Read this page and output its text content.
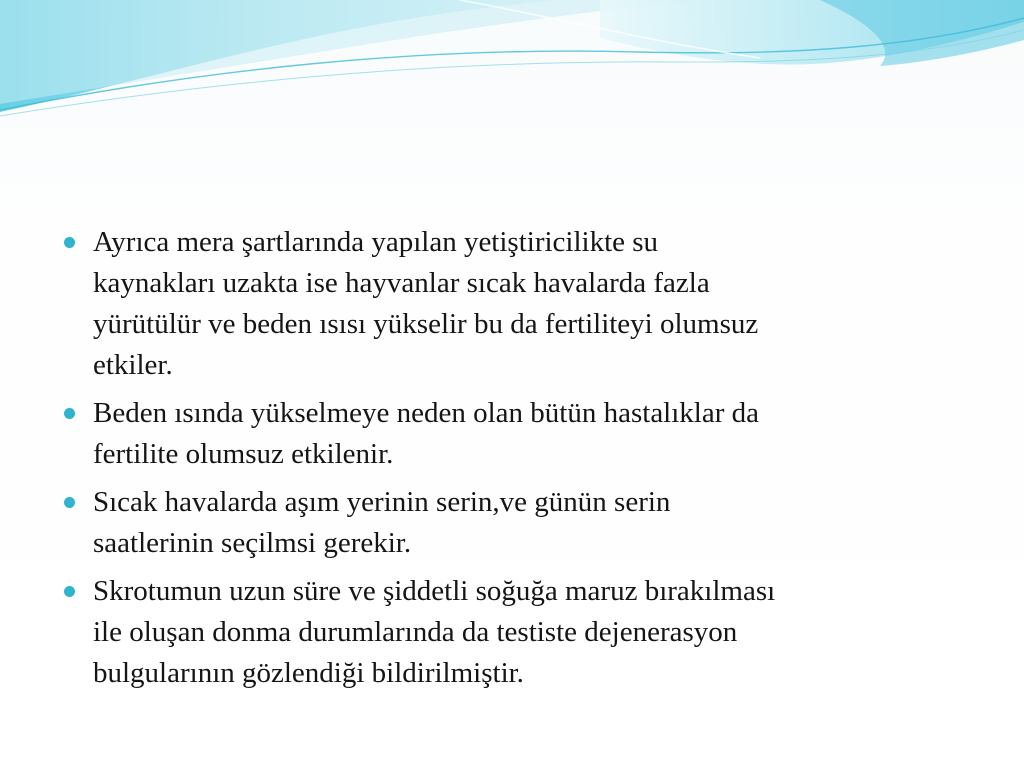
Ayrıca mera şartlarında yapılan yetiştiricilikte su
kaynakları uzakta ise hayvanlar sıcak havalarda fazla
yürütülür ve beden ısısı yükselir bu da fertiliteyi olumsuz
etkiler.
Beden ısında yükselmeye neden olan bütün hastalıklar da
fertilite olumsuz etkilenir.
Sıcak havalarda aşım yerinin serin,ve günün serin
saatlerinin seçilmsi gerekir.
Skrotumun uzun süre ve şiddetli soğuğa maruz bırakılması
ile oluşan donma durumlarında da testiste dejenerasyon
bulgularının gözlendiği bildirilmiştir.
